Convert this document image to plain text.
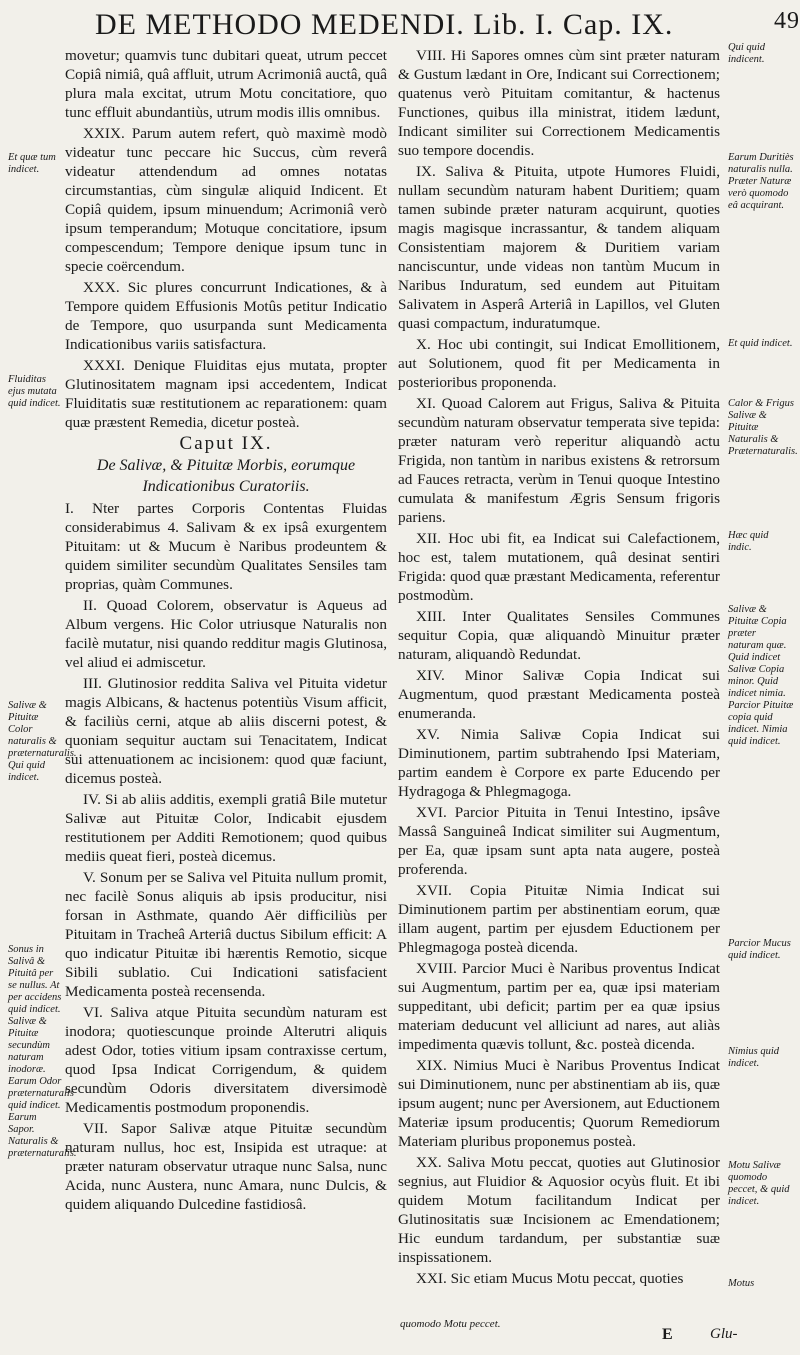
DE METHODO MEDENDI. Lib. I. Cap. IX.	49

movetur; quamvis tunc dubitari queat, utrum peccet Copiâ nimiâ, quâ affluit, utrum Acrimoniâ auctâ, quâ plura mala excitat, utrum Motu concitatiore, quo tunc effluit abundantiùs, utrum modis illis omnibus.

XXIX. Parum autem refert, quò maximè modò videatur tunc peccare hic Succus, cùm reverâ videatur attendendum ad omnes notatas circumstantias, cùm singulæ aliquid Indicent. Et Copiâ quidem, ipsum minuendum; Acrimoniâ verò ipsum temperandum; Motuque concitatiore, ipsum compescendum; Tempore denique ipsum tunc in specie coërcendum.

XXX. Sic plures concurrunt Indicationes, & à Tempore quidem Effusionis Motûs petitur Indicatio de Tempore, quo usurpanda sunt Medicamenta Indicationibus variis satisfactura.

XXXI. Denique Fluiditas ejus mutata, propter Glutinositatem magnam ipsi accedentem, Indicat Fluiditatis suæ restitutionem ac reparationem: quam quæ præstent Remedia, dicetur posteà.

Caput IX.

De Salivæ, & Pituitæ Morbis, eorumque Indicationibus Curatoriis.

I. Nter partes Corporis Contentas Fluidas considerabimus 4. Salivam & ex ipsâ exurgentem Pituitam: ut & Mucum è Naribus prodeuntem & quidem similiter secundùm Qualitates Sensiles tam proprias, quàm Communes.

II. Quoad Colorem, observatur is Aqueus ad Album vergens. Hic Color utriusque Naturalis non facilè mutatur, nisi quando redditur magis Glutinosa, vel aliud ei admiscetur.

III. Glutinosior reddita Saliva vel Pituita videtur magis Albicans, & hactenus potentiùs Visum afficit, & faciliùs cerni, atque ab aliis discerni potest, & quoniam sequitur auctam sui Tenacitatem, Indicat sui attenuationem ac incisionem: quod quæ faciunt, dicemus posteà.

IV. Si ab aliis additis, exempli gratiâ Bile mutetur Salivæ aut Pituitæ Color, Indicabit ejusdem restitutionem per Additi Remotionem; quod quibus mediis queat fieri, posteà dicemus.

V. Sonum per se Saliva vel Pituita nullum promit, nec facilè Sonus aliquis ab ipsis producitur, nisi forsan in Asthmate, quando Aër difficiliùs per Pituitam in Tracheâ Arteriâ ductus Sibilum efficit: A quo indicatur Pituitæ ibi hærentis Remotio, sicque Sibili sublatio. Cui Indicationi satisfacient Medicamenta posteà recensenda.

VI. Saliva atque Pituita secundùm naturam est inodora; quotiescunque proinde Alterutri aliquis adest Odor, toties vitium ipsam contraxisse certum, quod Ipsa Indicat Corrigendum, & quidem secundùm Odoris diversitatem diversimodè Medicamentis postmodum proponendis.

VII. Sapor Salivæ atque Pituitæ secundùm naturam nullus, hoc est, Insipida est utraque: at præter naturam observatur utraque nunc Salsa, nunc Acida, nunc Austera, nunc Amara, nunc Dulcis, & quidem aliquando Dulcedine fastidiosâ.

VIII. Hi Sapores omnes cùm sint præter naturam & Gustum lædant in Ore, Indicant sui Correctionem; quatenus verò Pituitam comitantur, & hactenus Functiones, quibus illa ministrat, itidem lædunt, Indicant similiter sui Correctionem Medicamentis suo tempore docendis.

IX. Saliva & Pituita, utpote Humores Fluidi, nullam secundùm naturam habent Duritiem; quam tamen subinde præter naturam acquirunt, quoties magis magisque incrassantur, & tandem aliquam Consistentiam majorem & Duritiem variam nanciscuntur, unde videas non tantùm Mucum in Naribus Induratum, sed eundem aut Pituitam Salivatem in Asperâ Arteriâ in Lapillos, vel Gluten quasi compactum, induratumque.

X. Hoc ubi contingit, sui Indicat Emollitionem, aut Solutionem, quod fit per Medicamenta in posterioribus proponenda.

XI. Quoad Calorem aut Frigus, Saliva & Pituita secundùm naturam observatur temperata sive tepida: præter naturam verò reperitur aliquandò actu Frigida, non tantùm in naribus existens & retrorsum ad Fauces retracta, verùm in Tenui quoque Intestino cumulata & manifestum Ægris Sensum frigoris pariens.

XII. Hoc ubi fit, ea Indicat sui Calefactionem, hoc est, talem mutationem, quâ desinat sentiri Frigida: quod quæ præstant Medicamenta, referentur postmodùm.

XIII. Inter Qualitates Sensiles Communes sequitur Copia, quæ aliquandò Minuitur præter naturam, aliquandò Redundat.

XIV. Minor Salivæ Copia Indicat sui Augmentum, quod præstant Medicamenta posteà enumeranda.

XV. Nimia Salivæ Copia Indicat sui Diminutionem, partim subtrahendo Ipsi Materiam, partim eandem è Corpore ex parte Educendo per Hydragoga & Phlegmagoga.

XVI. Parcior Pituita in Tenui Intestino, ipsâve Massâ Sanguineâ Indicat similiter sui Augmentum, per Ea, quæ ipsam sunt apta nata augere, posteà proferenda.

XVII. Copia Pituitæ Nimia Indicat sui Diminutionem partim per abstinentiam eorum, quæ illam augent, partim per ejusdem Eductionem per Phlegmagoga posteà dicenda.

XVIII. Parcior Muci è Naribus proventus Indicat sui Augmentum, partim per ea, quæ ipsi materiam suppeditant, ubi deficit; partim per ea quæ ipsius materiam deducunt vel alliciunt ad nares, aut aliàs impedimenta quævis tollunt, &c. posteà dicenda.

XIX. Nimius Muci è Naribus Proventus Indicat sui Diminutionem, nunc per abstinentiam ab iis, quæ ipsum augent; nunc per Aversionem, aut Eductionem Materiæ ipsum producentis; Quorum Remediorum Materiam pluribus proponemus posteà.

XX. Saliva Motu peccat, quoties aut Glutinosior segnius, aut Fluidior & Aquosior ocyùs fluit. Et ibi quidem Motum facilitandum Indicat per Glutinositatis suæ Incisionem ac Emendationem; Hic eundum tardandum, per substantiæ suæ inspissationem.

XXI. Sic etiam Mucus Motu peccat, quoties

Et quæ tum indicet.
Fluiditas ejus mutata quid indicet.
Salivæ & Pituitæ Color naturalis & præternaturalis. Qui quid indicet.
Sonus in Salivâ & Pituitâ per se nullus. At per accidens quid indicet. Salivæ & Pituitæ secundùm naturam inodoræ. Earum Odor præternaturalis quid indicet. Earum Sapor. Naturalis & præternaturalis.
Qui quid indicent.
Earum Duritiès naturalis nulla. Præter Naturæ verò quomodo eâ acquirant.
Et quid indicet.
Calor & Frigus Salivæ & Pituitæ Naturalis & Præternaturalis.
Hæc quid indic.
Salivæ & Pituitæ Copia præter naturam quæ. Quid indicet Salivæ Copia minor. Quid indicet nimia. Parcior Pituitæ copia quid indicet. Nimia quid indicet.
Parcior Mucus quid indicet.
Nimius quid indicet.
Motu Salivæ quomodo peccet, & quid indicet.
Motus
quomodo Motu peccet.
E Glu-
